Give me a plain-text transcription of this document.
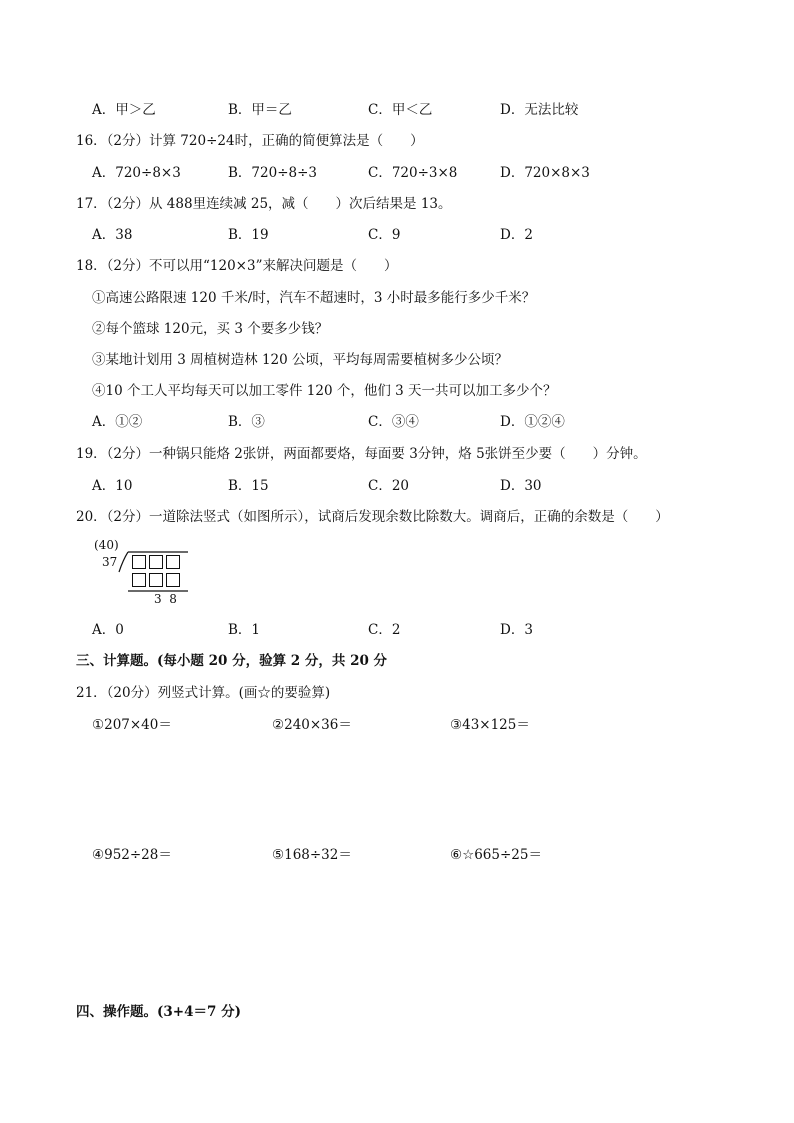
A．甲＞乙	B．甲＝乙	C．甲＜乙	D．无法比较
16．（2分）计算 720÷24时，正确的简便算法是（　　）
A．720÷8×3	B．720÷8÷3	C．720÷3×8	D．720×8×3
17．（2分）从 488里连续减 25，减（　　）次后结果是 13。
A．38	B．19	C．9	D．2
18．（2分）不可以用“120×3”来解决问题是（　　）
①高速公路限速 120 千米/时，汽车不超速时，3 小时最多能行多少千米？
②每个篮球 120元，买 3 个要多少钱？
③某地计划用 3 周植树造林 120 公顷，平均每周需要植树多少公顷？
④10 个工人平均每天可以加工零件 120 个，他们 3 天一共可以加工多少个？
A．①②	B．③	C．③④	D．①②④
19．（2分）一种锅只能烙 2张饼，两面都要烙，每面要 3分钟，烙 5张饼至少要（　　）分钟。
A．10	B．15	C．20	D．30
20．（2分）一道除法竖式（如图所示），试商后发现余数比除数大。调商后，正确的余数是（　　）
(40)
37
3  8
A．0	B．1	C．2	D．3
三、计算题。(每小题 20 分，验算 2 分，共 20 分
21．（20分）列竖式计算。(画☆的要验算)
①207×40＝	②240×36＝	③43×125＝
④952÷28＝	⑤168÷32＝	⑥☆665÷25＝
四、操作题。(3+4＝7 分)
